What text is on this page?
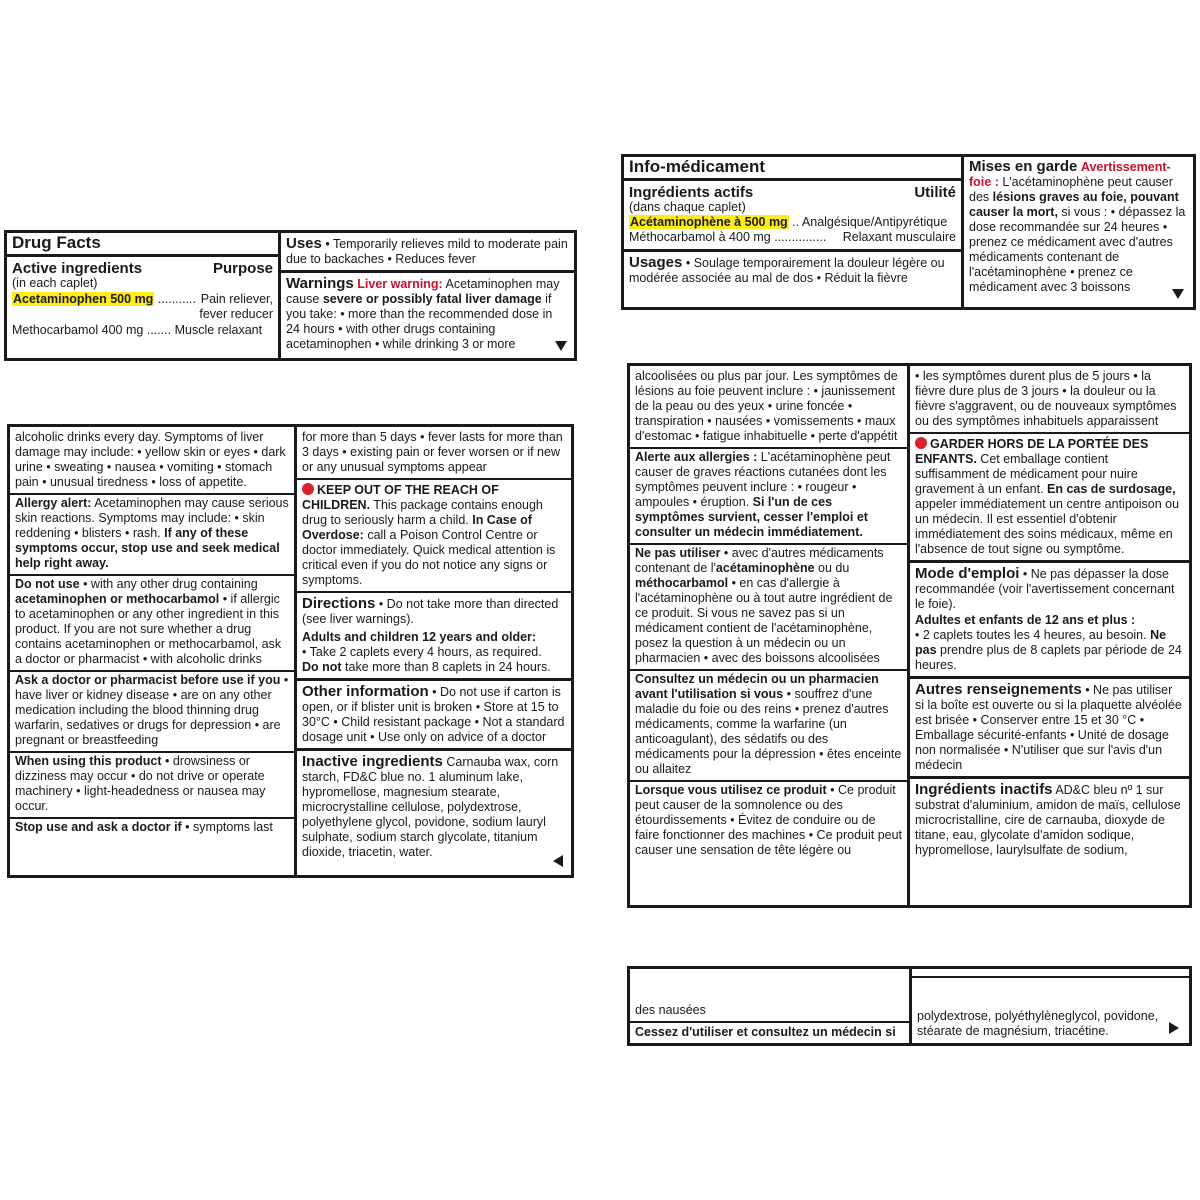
Drug Facts
Active ingredients	Purpose
(in each caplet)
Acetaminophen 500 mg ........... Pain reliever,
fever reducer
Methocarbamol 400 mg ....... Muscle relaxant
Uses • Temporarily relieves mild to moderate pain due to backaches • Reduces fever
Warnings Liver warning: Acetaminophen may cause severe or possibly fatal liver damage if you take: • more than the recommended dose in 24 hours • with other drugs containing acetaminophen • while drinking 3 or more
alcoholic drinks every day. Symptoms of liver damage may include: • yellow skin or eyes • dark urine • sweating • nausea • vomiting • stomach pain • unusual tiredness • loss of appetite.
Allergy alert: Acetaminophen may cause serious skin reactions. Symptoms may include: • skin reddening • blisters • rash. If any of these symptoms occur, stop use and seek medical help right away.
Do not use • with any other drug containing acetaminophen or methocarbamol • if allergic to acetaminophen or any other ingredient in this product. If you are not sure whether a drug contains acetaminophen or methocarbamol, ask a doctor or pharmacist • with alcoholic drinks
Ask a doctor or pharmacist before use if you • have liver or kidney disease • are on any other medication including the blood thinning drug warfarin, sedatives or drugs for depression • are pregnant or breastfeeding
When using this product • drowsiness or dizziness may occur • do not drive or operate machinery • light-headedness or nausea may occur.
Stop use and ask a doctor if • symptoms last
for more than 5 days • fever lasts for more than 3 days • existing pain or fever worsen or if new or any unusual symptoms appear
KEEP OUT OF THE REACH OF CHILDREN. This package contains enough drug to seriously harm a child. In Case of Overdose: call a Poison Control Centre or doctor immediately. Quick medical attention is critical even if you do not notice any signs or symptoms.
Directions • Do not take more than directed (see liver warnings).
Adults and children 12 years and older:
• Take 2 caplets every 4 hours, as required.
Do not take more than 8 caplets in 24 hours.
Other information • Do not use if carton is open, or if blister unit is broken • Store at 15 to 30°C • Child resistant package • Not a standard dosage unit • Use only on advice of a doctor
Inactive ingredients Carnauba wax, corn starch, FD&C blue no. 1 aluminum lake, hypromellose, magnesium stearate, microcrystalline cellulose, polydextrose, polyethylene glycol, povidone, sodium lauryl sulphate, sodium starch glycolate, titanium dioxide, triacetin, water.
Info-médicament
Ingrédients actifs	Utilité
(dans chaque caplet)
Acétaminophène à 500 mg .. Analgésique/Antipyrétique
Méthocarbamol à 400 mg ............... Relaxant musculaire
Usages • Soulage temporairement la douleur légère ou modérée associée au mal de dos • Réduit la fièvre
Mises en garde Avertissement-foie : L'acétaminophène peut causer des lésions graves au foie, pouvant causer la mort, si vous : • dépassez la dose recommandée sur 24 heures • prenez ce médicament avec d'autres médicaments contenant de l'acétaminophène • prenez ce médicament avec 3 boissons
alcoolisées ou plus par jour. Les symptômes de lésions au foie peuvent inclure : • jaunissement de la peau ou des yeux • urine foncée • transpiration • nausées • vomissements • maux d'estomac • fatigue inhabituelle • perte d'appétit
Alerte aux allergies : L'acétaminophène peut causer de graves réactions cutanées dont les symptômes peuvent inclure : • rougeur • ampoules • éruption. Si l'un de ces symptômes survient, cesser l'emploi et consulter un médecin immédiatement.
Ne pas utiliser • avec d'autres médicaments contenant de l'acétaminophène ou du méthocarbamol • en cas d'allergie à l'acétaminophène ou à tout autre ingrédient de ce produit. Si vous ne savez pas si un médicament contient de l'acétaminophène, posez la question à un médecin ou un pharmacien • avec des boissons alcoolisées
Consultez un médecin ou un pharmacien avant l'utilisation si vous • souffrez d'une maladie du foie ou des reins • prenez d'autres médicaments, comme la warfarine (un anticoagulant), des sédatifs ou des médicaments pour la dépression • êtes enceinte ou allaitez
Lorsque vous utilisez ce produit • Ce produit peut causer de la somnolence ou des étourdissements • Évitez de conduire ou de faire fonctionner des machines • Ce produit peut causer une sensation de tête légère ou
• les symptômes durent plus de 5 jours • la fièvre dure plus de 3 jours • la douleur ou la fièvre s'aggravent, ou de nouveaux symptômes ou des symptômes inhabituels apparaissent
GARDER HORS DE LA PORTÉE DES ENFANTS. Cet emballage contient suffisamment de médicament pour nuire gravement à un enfant. En cas de surdosage, appeler immédiatement un centre antipoison ou un médecin. Il est essentiel d'obtenir immédiatement des soins médicaux, même en l'absence de tout signe ou symptôme.
Mode d'emploi • Ne pas dépasser la dose recommandée (voir l'avertissement concernant le foie).
Adultes et enfants de 12 ans et plus :
• 2 caplets toutes les 4 heures, au besoin. Ne pas prendre plus de 8 caplets par période de 24 heures.
Autres renseignements • Ne pas utiliser si la boîte est ouverte ou si la plaquette alvéolée est brisée • Conserver entre 15 et 30 °C • Emballage sécurité-enfants • Unité de dosage non normalisée • N'utiliser que sur l'avis d'un médecin
Ingrédients inactifs AD&C bleu nº 1 sur substrat d'aluminium, amidon de maïs, cellulose microcristalline, cire de carnauba, dioxyde de titane, eau, glycolate d'amidon sodique, hypromellose, laurylsulfate de sodium,
des nausées
Cessez d'utiliser et consultez un médecin si
polydextrose, polyéthylèneglycol, povidone, stéarate de magnésium, triacétine.
